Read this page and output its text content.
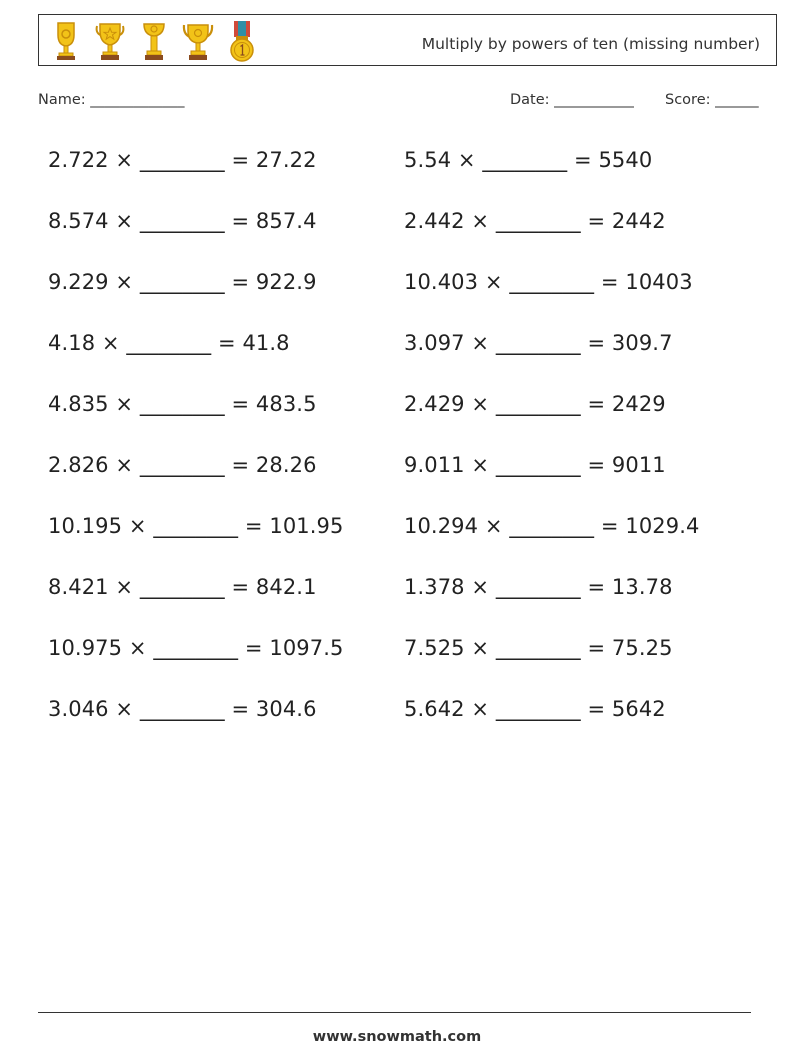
Multiply by powers of ten (missing number)
Name: _____________	Date: ___________ Score: ______
2.722 × ________ = 27.22
8.574 × ________ = 857.4
9.229 × ________ = 922.9
4.18 × ________ = 41.8
4.835 × ________ = 483.5
2.826 × ________ = 28.26
10.195 × ________ = 101.95
8.421 × ________ = 842.1
10.975 × ________ = 1097.5
3.046 × ________ = 304.6
5.54 × ________ = 5540
2.442 × ________ = 2442
10.403 × ________ = 10403
3.097 × ________ = 309.7
2.429 × ________ = 2429
9.011 × ________ = 9011
10.294 × ________ = 1029.4
1.378 × ________ = 13.78
7.525 × ________ = 75.25
5.642 × ________ = 5642
www.snowmath.com
